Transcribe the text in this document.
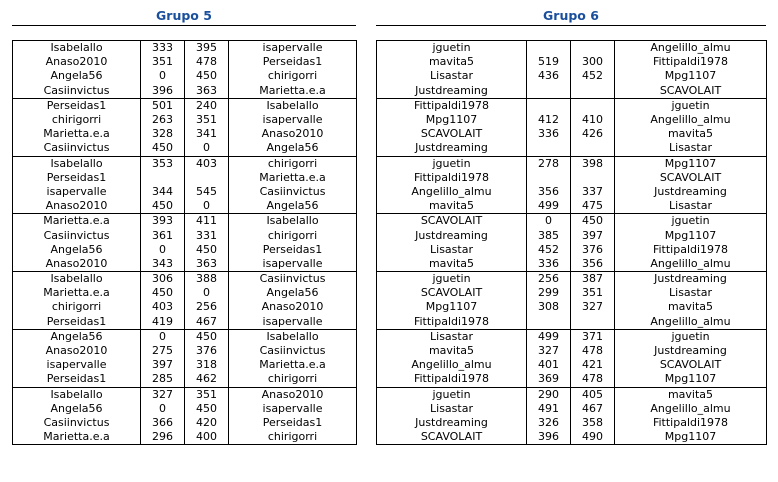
Grupo 5
Isabelallo	333	395	isapervalle
Anaso2010	351	478	Perseidas1
Angela56	0	450	chirigorri
Casiinvictus	396	363	Marietta.e.a
Perseidas1	501	240	Isabelallo
chirigorri	263	351	isapervalle
Marietta.e.a	328	341	Anaso2010
Casiinvictus	450	0	Angela56
Isabelallo	353	403	chirigorri
Perseidas1			Marietta.e.a
isapervalle	344	545	Casiinvictus
Anaso2010	450	0	Angela56
Marietta.e.a	393	411	Isabelallo
Casiinvictus	361	331	chirigorri
Angela56	0	450	Perseidas1
Anaso2010	343	363	isapervalle
Isabelallo	306	388	Casiinvictus
Marietta.e.a	450	0	Angela56
chirigorri	403	256	Anaso2010
Perseidas1	419	467	isapervalle
Angela56	0	450	Isabelallo
Anaso2010	275	376	Casiinvictus
isapervalle	397	318	Marietta.e.a
Perseidas1	285	462	chirigorri
Isabelallo	327	351	Anaso2010
Angela56	0	450	isapervalle
Casiinvictus	366	420	Perseidas1
Marietta.e.a	296	400	chirigorri
Grupo 6
jguetin			Angelillo_almu
mavita5	519	300	Fittipaldi1978
Lisastar	436	452	Mpg1107
Justdreaming			SCAVOLAIT
Fittipaldi1978			jguetin
Mpg1107	412	410	Angelillo_almu
SCAVOLAIT	336	426	mavita5
Justdreaming			Lisastar
jguetin	278	398	Mpg1107
Fittipaldi1978			SCAVOLAIT
Angelillo_almu	356	337	Justdreaming
mavita5	499	475	Lisastar
SCAVOLAIT	0	450	jguetin
Justdreaming	385	397	Mpg1107
Lisastar	452	376	Fittipaldi1978
mavita5	336	356	Angelillo_almu
jguetin	256	387	Justdreaming
SCAVOLAIT	299	351	Lisastar
Mpg1107	308	327	mavita5
Fittipaldi1978			Angelillo_almu
Lisastar	499	371	jguetin
mavita5	327	478	Justdreaming
Angelillo_almu	401	421	SCAVOLAIT
Fittipaldi1978	369	478	Mpg1107
jguetin	290	405	mavita5
Lisastar	491	467	Angelillo_almu
Justdreaming	326	358	Fittipaldi1978
SCAVOLAIT	396	490	Mpg1107
